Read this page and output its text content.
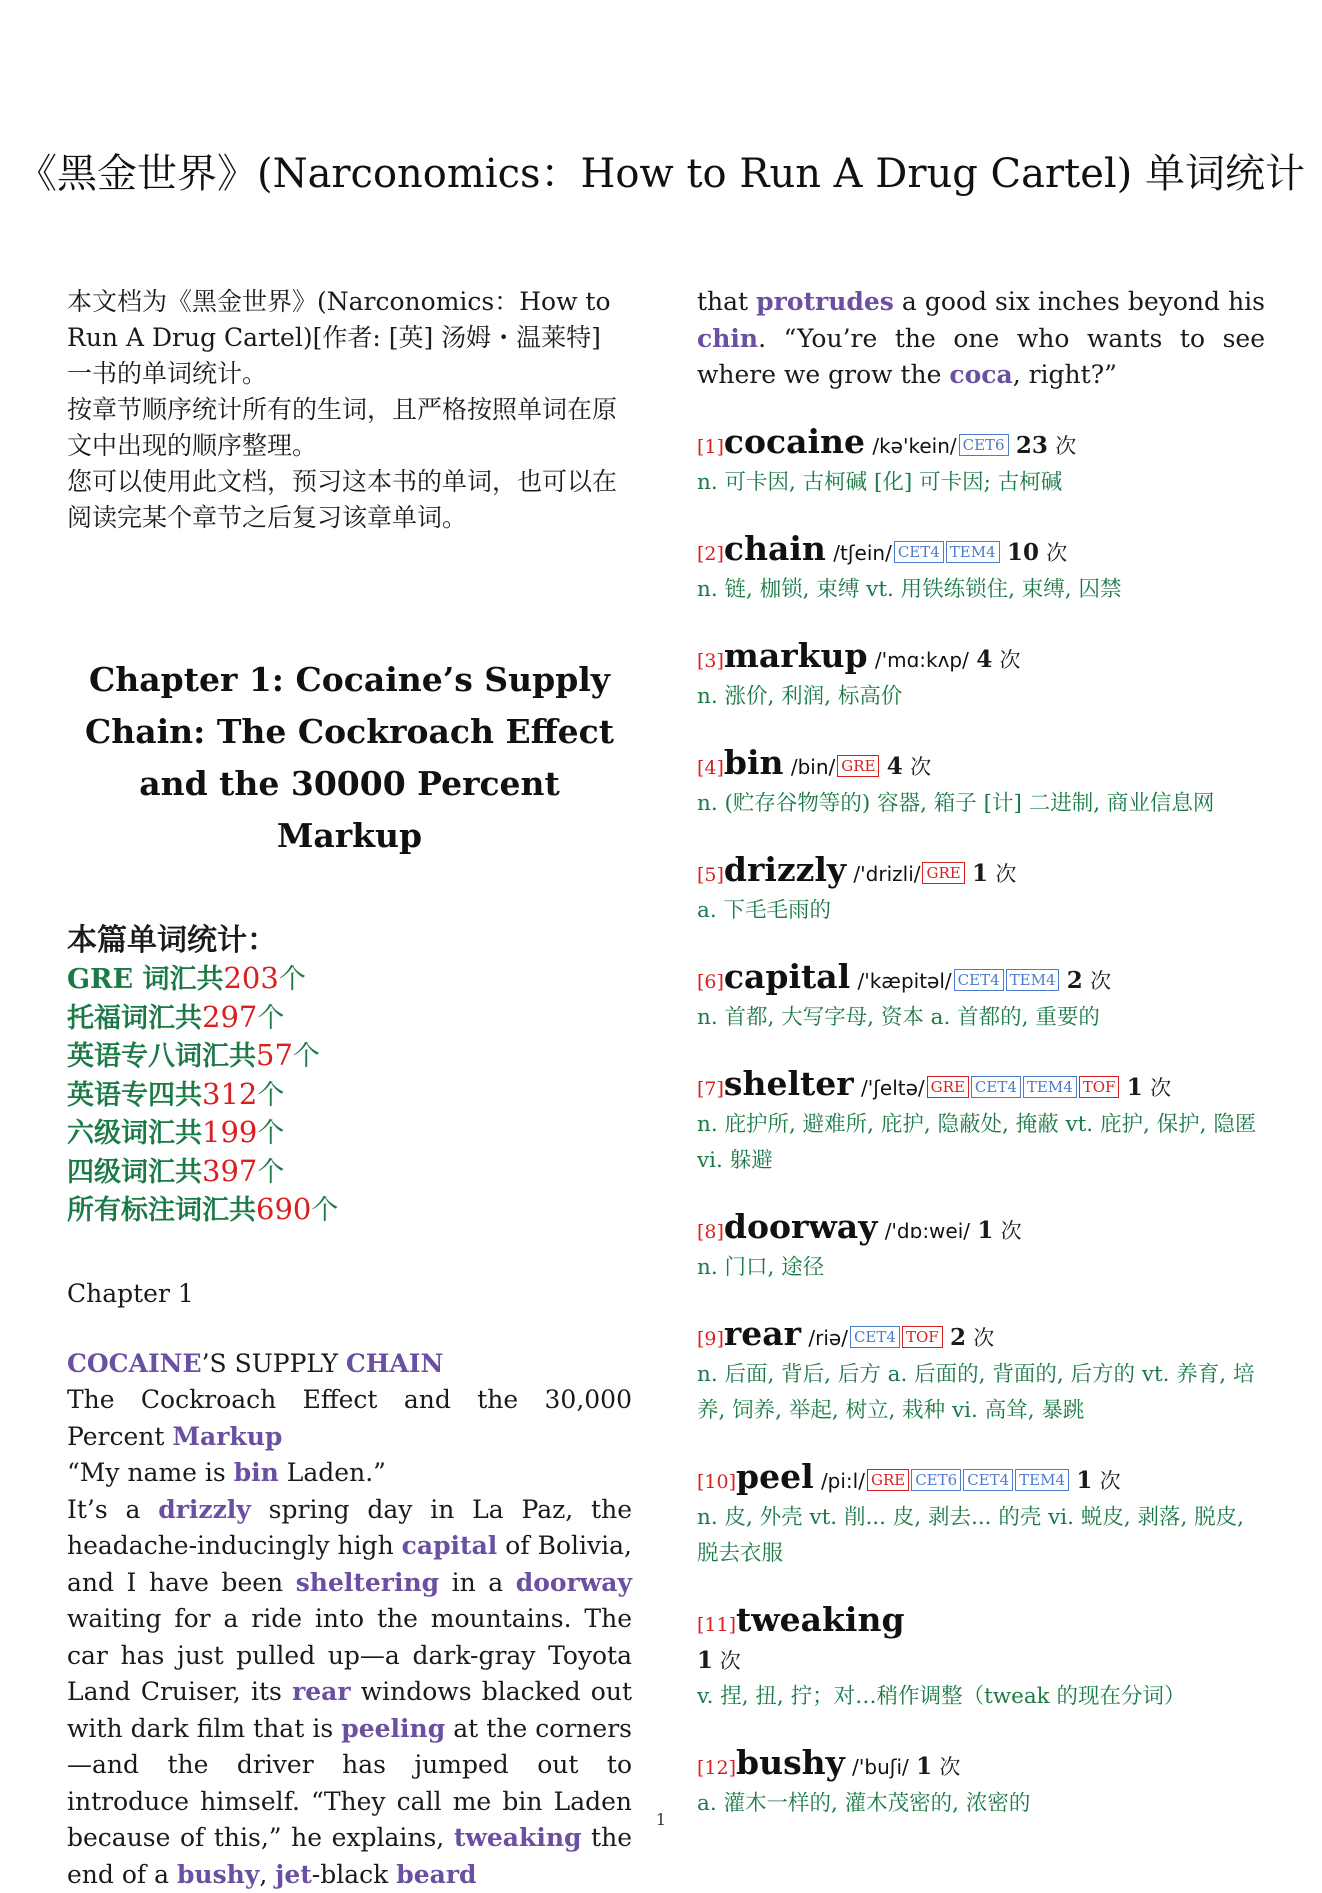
《黑金世界》(Narconomics：How to Run A Drug Cartel) 单词统计

本文档为《黑金世界》(Narconomics：How to Run A Drug Cartel)[作者: [英] 汤姆・温莱特] 一书的单词统计。

按章节顺序统计所有的生词，且严格按照单词在原文中出现的顺序整理。

您可以使用此文档，预习这本书的单词，也可以在阅读完某个章节之后复习该章单词。

Chapter 1: Cocaine’s Supply Chain: The Cockroach Effect and the 30000 Percent Markup
本篇单词统计：
GRE 词汇共203个
托福词汇共297个
英语专八词汇共57个
英语专四共312个
六级词汇共199个
四级词汇共397个
所有标注词汇共690个
Chapter 1

COCAINE’S SUPPLY CHAIN

The Cockroach Effect and the 30,000 Percent Markup

“My name is bin Laden.”

It’s a drizzly spring day in La Paz, the headache-inducingly high capital of Bolivia, and I have been sheltering in a doorway waiting for a ride into the mountains. The car has just pulled up—a dark-gray Toyota Land Cruiser, its rear windows blacked out with dark film that is peeling at the corners—and the driver has jumped out to introduce himself. “They call me bin Laden because of this,” he explains, tweaking the end of a bushy, jet-black beard

that protrudes a good six inches beyond his chin. “You’re the one who wants to see where we grow the coca, right?”

[1]cocaine /kə'kein/ CET6 23 次

n. 可卡因, 古柯碱 [化] 可卡因; 古柯碱

[2]chain /tʃein/ CET4 TEM4 10 次

n. 链, 枷锁, 束缚 vt. 用铁练锁住, 束缚, 囚禁

[3]markup /'mɑ:kʌp/ 4 次

n. 涨价, 利润, 标高价

[4]bin /bin/ GRE 4 次

n. (贮存谷物等的) 容器, 箱子 [计] 二进制, 商业信息网

[5]drizzly /'drizli/ GRE 1 次

a. 下毛毛雨的

[6]capital /'kæpitəl/ CET4 TEM4 2 次

n. 首都, 大写字母, 资本 a. 首都的, 重要的

[7]shelter /'ʃeltə/ GRE CET4 TEM4 TOF 1 次

n. 庇护所, 避难所, 庇护, 隐蔽处, 掩蔽 vt. 庇护, 保护, 隐匿 vi. 躲避

[8]doorway /'dɒ:wei/ 1 次

n. 门口, 途径

[9]rear /riə/ CET4 TOF 2 次

n. 后面, 背后, 后方 a. 后面的, 背面的, 后方的 vt. 养育, 培养, 饲养, 举起, 树立, 栽种 vi. 高耸, 暴跳

[10]peel /pi:l/ GRE CET6 CET4 TEM4 1 次

n. 皮, 外壳 vt. 削... 皮, 剥去... 的壳 vi. 蜕皮, 剥落, 脱皮, 脱去衣服

[11]tweaking
1 次

v. 捏, 扭, 拧；对…稍作调整（tweak 的现在分词）

[12]bushy /'buʃi/ 1 次

a. 灌木一样的, 灌木茂密的, 浓密的

1
